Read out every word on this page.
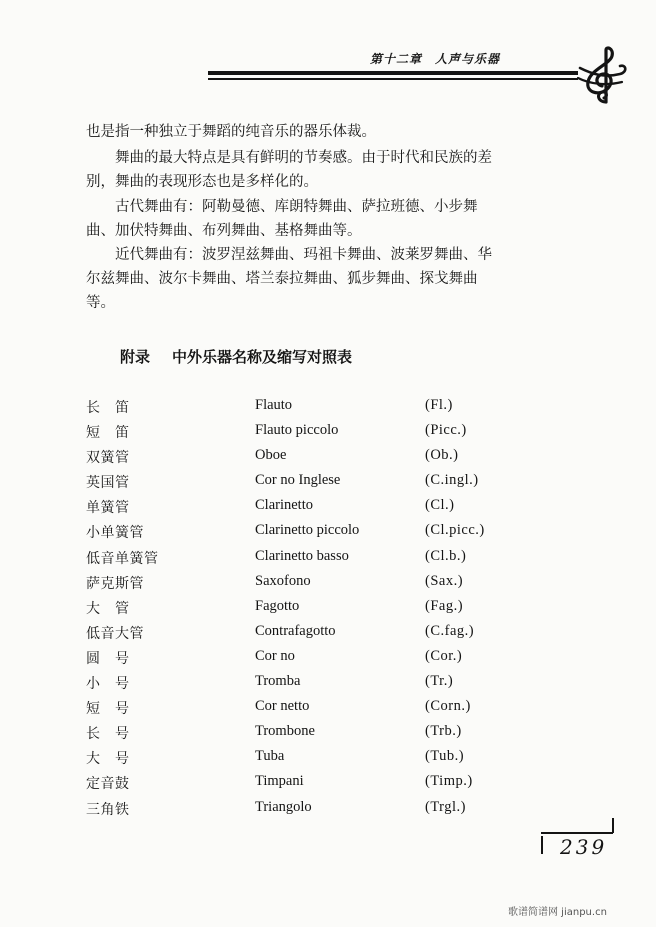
第十二章　人声与乐器
也是指一种独立于舞蹈的纯音乐的器乐体裁。
　　舞曲的最大特点是具有鲜明的节奏感。由于时代和民族的差
别，舞曲的表现形态也是多样化的。
　　古代舞曲有：阿勒曼德、库朗特舞曲、萨拉班德、小步舞
曲、加伏特舞曲、布列舞曲、基格舞曲等。
　　近代舞曲有：波罗涅兹舞曲、玛祖卡舞曲、波莱罗舞曲、华
尔兹舞曲、波尔卡舞曲、塔兰泰拉舞曲、狐步舞曲、探戈舞曲
等。
附录 中外乐器名称及缩写对照表
长　笛	Flauto	(Fl.)
短　笛	Flauto piccolo	(Picc.)
双簧管	Oboe	(Ob.)
英国管	Cor no Inglese	(C.ingl.)
单簧管	Clarinetto	(Cl.)
小单簧管	Clarinetto piccolo	(Cl.picc.)
低音单簧管	Clarinetto basso	(Cl.b.)
萨克斯管	Saxofono	(Sax.)
大　管	Fagotto	(Fag.)
低音大管	Contrafagotto	(C.fag.)
圆　号	Cor no	(Cor.)
小　号	Tromba	(Tr.)
短　号	Cor netto	(Corn.)
长　号	Trombone	(Trb.)
大　号	Tuba	(Tub.)
定音鼓	Timpani	(Timp.)
三角铁	Triangolo	(Trgl.)
239
歌谱简谱网 jianpu.cn
